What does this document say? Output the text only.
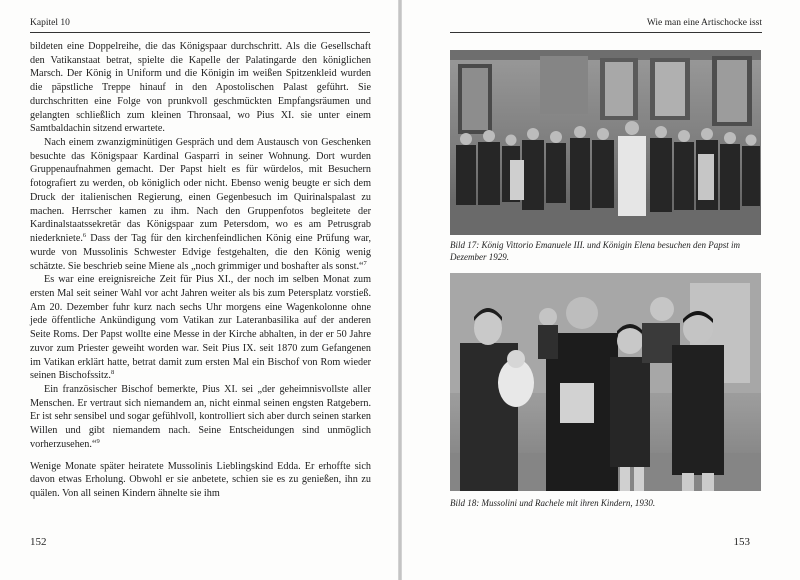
Kapitel 10

bildeten eine Doppelreihe, die das Königspaar durchschritt. Als die Gesellschaft den Vatikanstaat betrat, spielte die Kapelle der Palatingarde den königlichen Marsch. Der König in Uniform und die Königin im weißen Spitzenkleid wurden die päpstliche Treppe hinauf in den Apostolischen Palast geführt. Sie durchschritten eine Folge von prunkvoll geschmückten Empfangsräumen und gelangten schließlich zum kleinen Thronsaal, wo Pius XI. sie unter einem Samtbaldachin sitzend erwartete.

Nach einem zwanzigminütigen Gespräch und dem Austausch von Geschenken besuchte das Königspaar Kardinal Gasparri in seiner Wohnung. Dort wurden Gruppenaufnahmen gemacht. Der Papst hielt es für würdelos, mit Besuchern fotografiert zu werden, ob königlich oder nicht. Ebenso wenig beugte er sich dem Druck der italienischen Regierung, einen Gegenbesuch im Quirinalspalast zu machen. Herrscher kamen zu ihm. Nach den Gruppenfotos begleitete der Kardinalstaatssekretär das Königspaar zum Petersdom, wo es am Petrusgrab niederkniete.$^6$ Dass der Tag für den kirchenfeindlichen König eine Prüfung war, wurde von Mussolinis Schwester Edvige festgehalten, die den König wenig schätzte. Sie beschrieb seine Miene als „noch grimmiger und boshafter als sonst.“$^7$

Es war eine ereignisreiche Zeit für Pius XI., der noch im selben Monat zum ersten Mal seit seiner Wahl vor acht Jahren weiter als bis zum Petersplatz vorstieß. Am 20. Dezember fuhr kurz nach sechs Uhr morgens eine Wagenkolonne ohne jede öffentliche Ankündigung vom Vatikan zur Lateranbasilika auf der anderen Seite Roms. Der Papst wollte eine Messe in der Kirche abhalten, in der er 50 Jahre zuvor zum Priester geweiht worden war. Seit Pius IX. seit 1870 zum Gefangenen im Vatikan erklärt hatte, betrat damit zum ersten Mal ein Bischof von Rom wieder seinen Bischofssitz.$^8$

Ein französischer Bischof bemerkte, Pius XI. sei „der geheimnisvollste aller Menschen. Er vertraut sich niemandem an, nicht einmal seinen engsten Ratgebern. Er ist sehr sensibel und sogar gefühlvoll, kontrolliert sich aber durch seinen starken Willen und gibt niemandem nach. Seine Entscheidungen sind unmöglich vorherzusehen.“$^9$

Wenige Monate später heiratete Mussolinis Lieblingskind Edda. Er erhoffte sich davon etwas Erholung. Obwohl er sie anbetete, schien sie es zu genießen, ihn zu quälen. Von all seinen Kindern ähnelte sie ihm

152
Wie man eine Artischocke isst
Bild 17: König Vittorio Emanuele III. und Königin Elena besuchen den Papst im Dezember 1929.
Bild 18: Mussolini und Rachele mit ihren Kindern, 1930.
153
